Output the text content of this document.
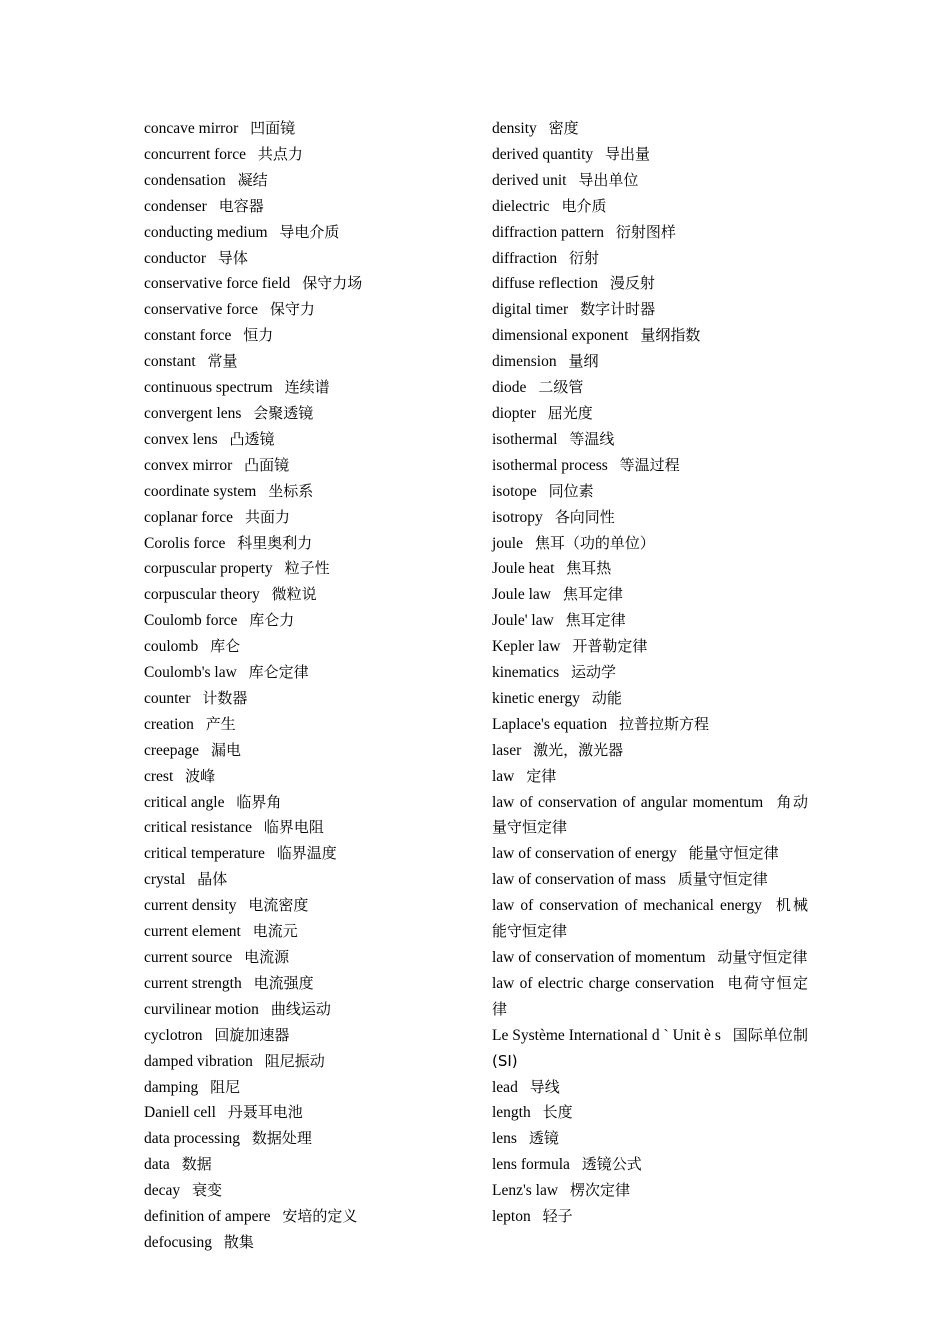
concave mirror 凹面镜
concurrent force 共点力
condensation 凝结
condenser 电容器
conducting medium 导电介质
conductor 导体
conservative force field 保守力场
conservative force 保守力
constant force 恒力
constant 常量
continuous spectrum 连续谱
convergent lens 会聚透镜
convex lens 凸透镜
convex mirror 凸面镜
coordinate system 坐标系
coplanar force 共面力
Corolis force 科里奥利力
corpuscular property 粒子性
corpuscular theory 微粒说
Coulomb force 库仑力
coulomb 库仑
Coulomb's law 库仑定律
counter 计数器
creation 产生
creepage 漏电
crest 波峰
critical angle 临界角
critical resistance 临界电阻
critical temperature 临界温度
crystal 晶体
current density 电流密度
current element 电流元
current source 电流源
current strength 电流强度
curvilinear motion 曲线运动
cyclotron 回旋加速器
damped vibration 阻尼振动
damping 阻尼
Daniell cell 丹聂耳电池
data processing 数据处理
data 数据
decay 衰变
definition of ampere 安培的定义
defocusing 散集
density 密度
derived quantity 导出量
derived unit 导出单位
dielectric 电介质
diffraction pattern 衍射图样
diffraction 衍射
diffuse reflection 漫反射
digital timer 数字计时器
dimensional exponent 量纲指数
dimension 量纲
diode 二级管
diopter 屈光度
isothermal 等温线
isothermal process 等温过程
isotope 同位素
isotropy 各向同性
joule 焦耳（功的单位）
Joule heat 焦耳热
Joule law 焦耳定律
Joule' law 焦耳定律
Kepler law 开普勒定律
kinematics 运动学
kinetic energy 动能
Laplace's equation 拉普拉斯方程
laser 激光，激光器
law 定律
law of conservation of angular momentum 角动量守恒定律
law of conservation of energy 能量守恒定律
law of conservation of mass 质量守恒定律
law of conservation of mechanical energy 机械能守恒定律
law of conservation of momentum 动量守恒定律
law of electric charge conservation 电荷守恒定律
Le Système International d ` Unit è s 国际单位制(SI)
lead 导线
length 长度
lens 透镜
lens formula 透镜公式
Lenz's law 楞次定律
lepton 轻子
